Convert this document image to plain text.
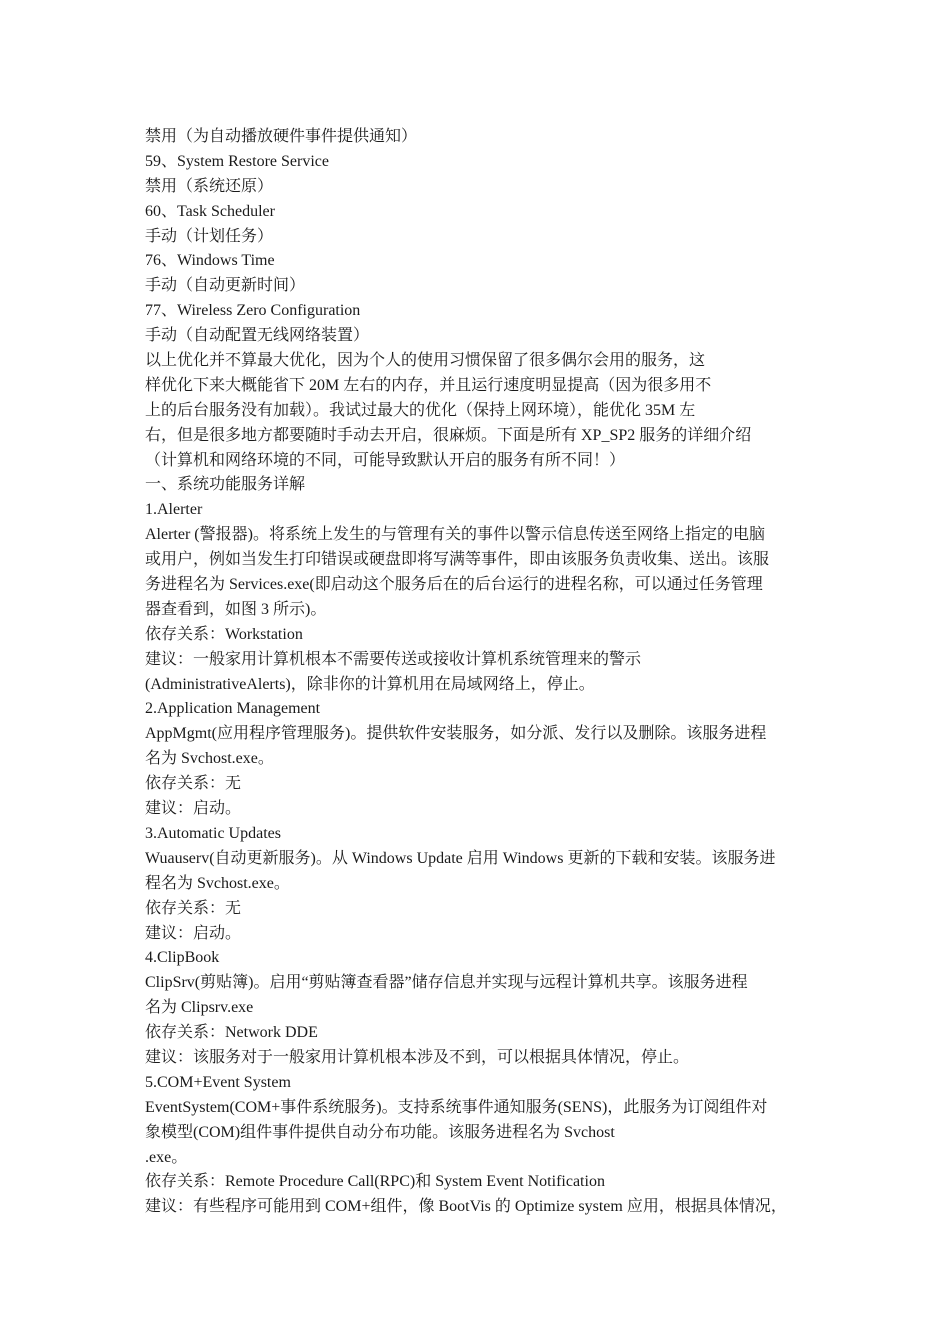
禁用（为自动播放硬件事件提供通知）
59、System Restore Service
禁用（系统还原）
60、Task Scheduler
手动（计划任务）
76、Windows Time
手动（自动更新时间）
77、Wireless Zero Configuration
手动（自动配置无线网络装置）
以上优化并不算最大优化，因为个人的使用习惯保留了很多偶尔会用的服务，这
样优化下来大概能省下 20M 左右的内存，并且运行速度明显提高（因为很多用不
上的后台服务没有加载）。我试过最大的优化（保持上网环境），能优化 35M 左
右，但是很多地方都要随时手动去开启，很麻烦。下面是所有 XP_SP2 服务的详细介绍
（计算机和网络环境的不同，可能导致默认开启的服务有所不同！）
一、系统功能服务详解
1.Alerter
Alerter (警报器)。将系统上发生的与管理有关的事件以警示信息传送至网络上指定的电脑
或用户，例如当发生打印错误或硬盘即将写满等事件，即由该服务负责收集、送出。该服
务进程名为 Services.exe(即启动这个服务后在的后台运行的进程名称，可以通过任务管理
器查看到，如图 3 所示)。
依存关系：Workstation
建议：一般家用计算机根本不需要传送或接收计算机系统管理来的警示
(AdministrativeAlerts)，除非你的计算机用在局域网络上，停止。
2.Application Management
AppMgmt(应用程序管理服务)。提供软件安装服务，如分派、发行以及删除。该服务进程
名为 Svchost.exe。
依存关系：无
建议：启动。
3.Automatic Updates
Wuauserv(自动更新服务)。从 Windows Update 启用 Windows 更新的下载和安装。该服务进
程名为 Svchost.exe。
依存关系：无
建议：启动。
4.ClipBook
ClipSrv(剪贴簿)。启用“剪贴簿查看器”储存信息并实现与远程计算机共享。该服务进程
名为 Clipsrv.exe
依存关系：Network DDE
建议：该服务对于一般家用计算机根本涉及不到，可以根据具体情况，停止。
5.COM+Event System
EventSystem(COM+事件系统服务)。支持系统事件通知服务(SENS)，此服务为订阅组件对
象模型(COM)组件事件提供自动分布功能。该服务进程名为 Svchost
.exe。
依存关系：Remote Procedure Call(RPC)和 System Event Notification
建议：有些程序可能用到 COM+组件，像 BootVis 的 Optimize system 应用，根据具体情况，
